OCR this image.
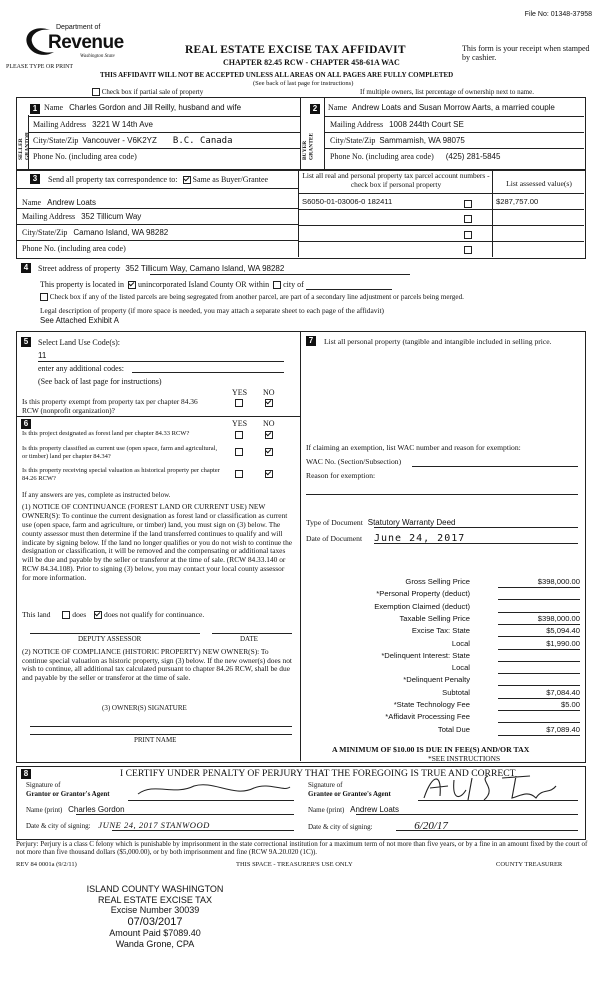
File No: 01348-37958
Department of
Revenue
Washington State
PLEASE TYPE OR PRINT
REAL ESTATE EXCISE TAX AFFIDAVIT
CHAPTER 82.45 RCW - CHAPTER 458-61A WAC
This form is your receipt when stamped by cashier.
THIS AFFIDAVIT WILL NOT BE ACCEPTED UNLESS ALL AREAS ON ALL PAGES ARE FULLY COMPLETED
(See back of last page for instructions)
Check box if partial sale of property	If multiple owners, list percentage of ownership next to name.
1
SELLER GRANTOR
Name Charles Gordon and Jill Reilly, husband and wife
Mailing Address 3221 W 14th Ave
City/State/Zip Vancouver - V6K2YZ B.C. Canada
Phone No. (including area code)
2
BUYER GRANTEE
Name Andrew Loats and Susan Morrow Aarts, a married couple
Mailing Address 1008 244th Court SE
City/State/Zip Sammamish, WA 98075
Phone No. (including area code) (425) 281-5845
3	Send all property tax correspondence to: Same as Buyer/Grantee
Name Andrew Loats
Mailing Address 352 Tillicum Way
City/State/Zip Camano Island, WA 98282
Phone No. (including area code)
List all real and personal property tax parcel account numbers - check box if personal property	List assessed value(s)
S6050-01-03006-0 182411	$287,757.00
4	Street address of property 352 Tillicum Way, Camano Island, WA 98282
This property is located in unincorporated Island County OR within city of
Check box if any of the listed parcels are being segregated from another parcel, are part of a secondary line adjustment or parcels being merged.
Legal description of property (if more space is needed, you may attach a separate sheet to each page of the affidavit)
See Attached Exhibit A
5	Select Land Use Code(s):
11
enter any additional codes:
(See back of last page for instructions)
YES NO
Is this property exempt from property tax per chapter 84.36 RCW (nonprofit organization)?
6	YES NO
Is this project designated as forest land per chapter 84.33 RCW?
Is this property classified as current use (open space, farm and agricultural, or timber) land per chapter 84.34?
Is this property receiving special valuation as historical property per chapter 84.26 RCW?
If any answers are yes, complete as instructed below.
(1) NOTICE OF CONTINUANCE (FOREST LAND OR CURRENT USE) NEW OWNER(S): To continue the current designation as forest land or classification as current use (open space, farm and agriculture, or timber) land, you must sign on (3) below. The county assessor must then determine if the land transferred continues to qualify and will indicate by signing below. If the land no longer qualifies or you do not wish to continue the designation or classification, it will be removed and the compensating or additional taxes will be due and payable by the seller or transferor at the time of sale. (RCW 84.33.140 or RCW 84.34.108). Prior to signing (3) below, you may contact your local county assessor for more information.
This land	does does not qualify for continuance.
DEPUTY ASSESSOR	DATE
(2) NOTICE OF COMPLIANCE (HISTORIC PROPERTY) NEW OWNER(S): To continue special valuation as historic property, sign (3) below. If the new owner(s) does not wish to continue, all additional tax calculated pursuant to chapter 84.26 RCW, shall be due and payable by the seller or transferor at the time of sale.
(3) OWNER(S) SIGNATURE
PRINT NAME
7	List all personal property (tangible and intangible included in selling price.
If claiming an exemption, list WAC number and reason for exemption:
WAC No. (Section/Subsection)
Reason for exemption:
Type of Document Statutory Warranty Deed
Date of Document June 24, 2017
Gross Selling Price	$398,000.00
*Personal Property (deduct)
Exemption Claimed (deduct)
Taxable Selling Price	$398,000.00
Excise Tax: State	$5,094.40
Local	$1,990.00
*Delinquent Interest: State
Local
*Delinquent Penalty
Subtotal	$7,084.40
*State Technology Fee	$5.00
*Affidavit Processing Fee
Total Due	$7,089.40
A MINIMUM OF $10.00 IS DUE IN FEE(S) AND/OR TAX
*SEE INSTRUCTIONS
8	I CERTIFY UNDER PENALTY OF PERJURY THAT THE FOREGOING IS TRUE AND CORRECT
Signature of
Grantor or Grantor's Agent
Signature of
Grantee or Grantee's Agent
Name (print) Charles Gordon	Name (print) Andrew Loats
Date & city of signing: JUNE 24, 2017 STANWOOD	Date & city of signing:	6/20/17
Perjury: Perjury is a class C felony which is punishable by imprisonment in the state correctional institution for a maximum term of not more than five years, or by a fine in an amount fixed by the court of not more than five thousand dollars ($5,000.00), or by both imprisonment and fine (RCW 9A.20.020 (1C)).
REV 84 0001a (9/2/11)	THIS SPACE - TREASURER'S USE ONLY	COUNTY TREASURER
ISLAND COUNTY WASHINGTON
REAL ESTATE EXCISE TAX
Excise Number 30039
07/03/2017
Amount Paid $7089.40
Wanda Grone, CPA
